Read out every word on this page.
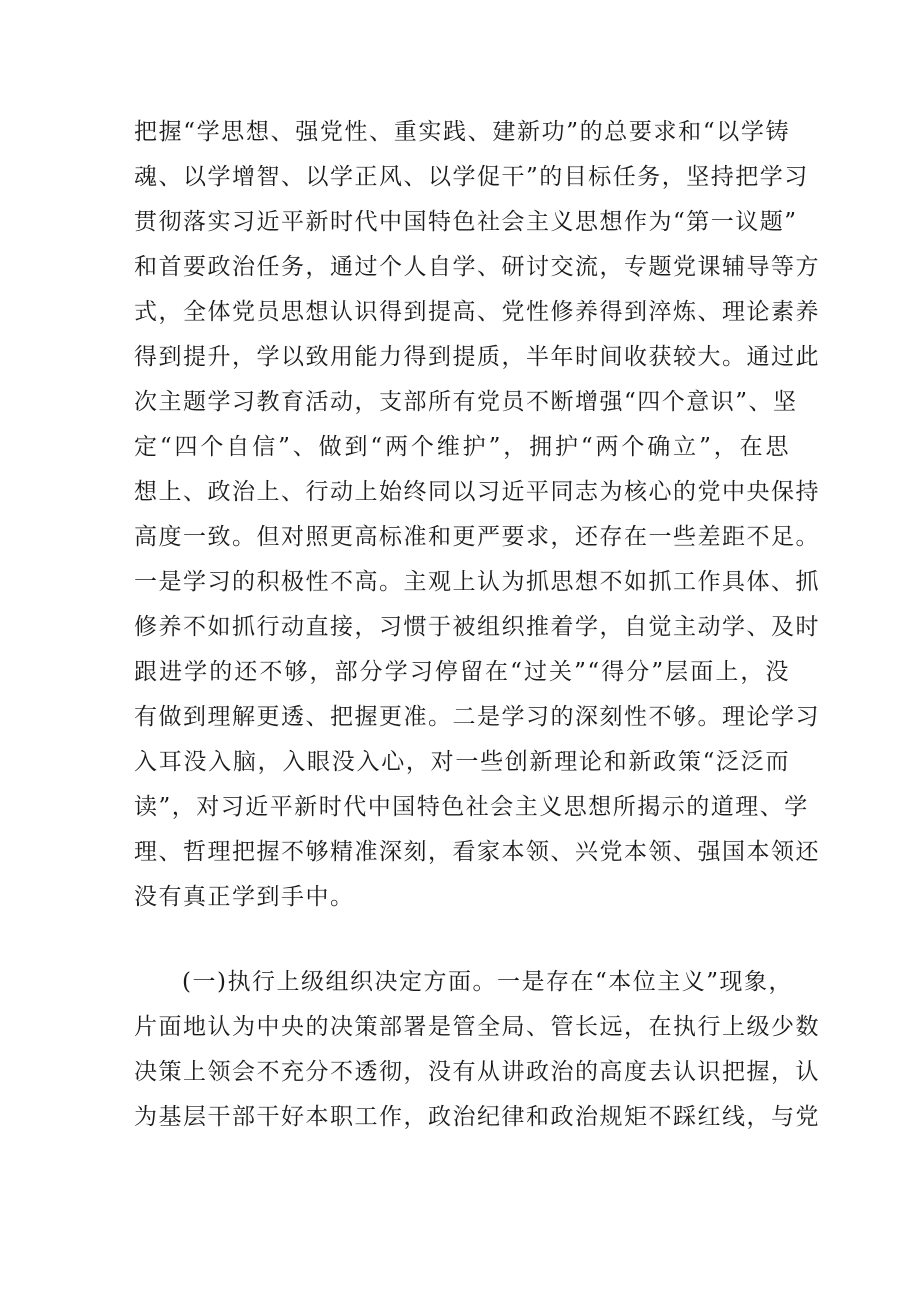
把握“学思想、强党性、重实践、建新功”的总要求和“以学铸
魂、以学增智、以学正风、以学促干”的目标任务，坚持把学习
贯彻落实习近平新时代中国特色社会主义思想作为“第一议题”
和首要政治任务，通过个人自学、研讨交流，专题党课辅导等方
式，全体党员思想认识得到提高、党性修养得到淬炼、理论素养
得到提升，学以致用能力得到提质，半年时间收获较大。通过此
次主题学习教育活动，支部所有党员不断增强“四个意识”、坚
定“四个自信”、做到“两个维护”，拥护“两个确立”，在思
想上、政治上、行动上始终同以习近平同志为核心的党中央保持
高度一致。但对照更高标准和更严要求，还存在一些差距不足。
一是学习的积极性不高。主观上认为抓思想不如抓工作具体、抓
修养不如抓行动直接，习惯于被组织推着学，自觉主动学、及时
跟进学的还不够，部分学习停留在“过关”“得分”层面上，没
有做到理解更透、把握更准。二是学习的深刻性不够。理论学习
入耳没入脑，入眼没入心，对一些创新理论和新政策“泛泛而
读”，对习近平新时代中国特色社会主义思想所揭示的道理、学
理、哲理把握不够精准深刻，看家本领、兴党本领、强国本领还
没有真正学到手中。
(一)执行上级组织决定方面。一是存在“本位主义”现象，
片面地认为中央的决策部署是管全局、管长远，在执行上级少数
决策上领会不充分不透彻，没有从讲政治的高度去认识把握，认
为基层干部干好本职工作，政治纪律和政治规矩不踩红线，与党
